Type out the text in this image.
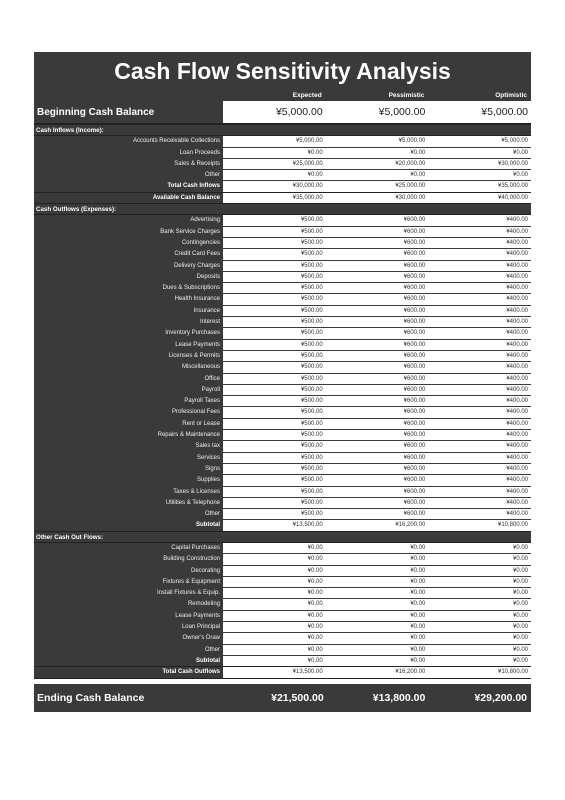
Cash Flow Sensitivity Analysis
Expected	Pessimistic	Optimistic
Beginning Cash Balance	¥5,000.00	¥5,000.00	¥5,000.00
Cash Inflows (Income):
Accounts Receivable Collections	¥5,000.00	¥5,000.00	¥5,000.00
Loan Proceeds	¥0.00	¥0.00	¥0.00
Sales & Receipts	¥25,000.00	¥20,000.00	¥30,000.00
Other	¥0.00	¥0.00	¥0.00
Total Cash Inflows	¥30,000.00	¥25,000.00	¥35,000.00
Available Cash Balance	¥35,000.00	¥30,000.00	¥40,000.00
Cash Outflows (Expenses):
Advertising	¥500.00	¥600.00	¥400.00
Bank Service Charges	¥500.00	¥600.00	¥400.00
Contingencies	¥500.00	¥600.00	¥400.00
Credit Card Fees	¥500.00	¥600.00	¥400.00
Delivery Charges	¥500.00	¥600.00	¥400.00
Deposits	¥500.00	¥600.00	¥400.00
Dues & Subscriptions	¥500.00	¥600.00	¥400.00
Health Insurance	¥500.00	¥600.00	¥400.00
Insurance	¥500.00	¥600.00	¥400.00
Interest	¥500.00	¥600.00	¥400.00
Inventory Purchases	¥500.00	¥600.00	¥400.00
Lease Payments	¥500.00	¥600.00	¥400.00
Licenses & Permits	¥500.00	¥600.00	¥400.00
Miscellaneous	¥500.00	¥600.00	¥400.00
Office	¥500.00	¥600.00	¥400.00
Payroll	¥500.00	¥600.00	¥400.00
Payroll Taxes	¥500.00	¥600.00	¥400.00
Professional Fees	¥500.00	¥600.00	¥400.00
Rent or Lease	¥500.00	¥600.00	¥400.00
Repairs & Maintenance	¥500.00	¥600.00	¥400.00
Sales tax	¥500.00	¥600.00	¥400.00
Services	¥500.00	¥600.00	¥400.00
Signs	¥500.00	¥600.00	¥400.00
Supplies	¥500.00	¥600.00	¥400.00
Taxes & Licenses	¥500.00	¥600.00	¥400.00
Utilities & Telephone	¥500.00	¥600.00	¥400.00
Other	¥500.00	¥600.00	¥400.00
Subtotal	¥13,500.00	¥16,200.00	¥10,800.00
Other Cash Out Flows:
Capital Purchases	¥0.00	¥0.00	¥0.00
Building Construction	¥0.00	¥0.00	¥0.00
Decorating	¥0.00	¥0.00	¥0.00
Fixtures & Equipment	¥0.00	¥0.00	¥0.00
Install Fixtures & Equip.	¥0.00	¥0.00	¥0.00
Remodeling	¥0.00	¥0.00	¥0.00
Lease Payments	¥0.00	¥0.00	¥0.00
Loan Principal	¥0.00	¥0.00	¥0.00
Owner's Draw	¥0.00	¥0.00	¥0.00
Other	¥0.00	¥0.00	¥0.00
Subtotal	¥0.00	¥0.00	¥0.00
Total Cash Outflows	¥13,500.00	¥16,200.00	¥10,800.00
Ending Cash Balance	¥21,500.00	¥13,800.00	¥29,200.00
